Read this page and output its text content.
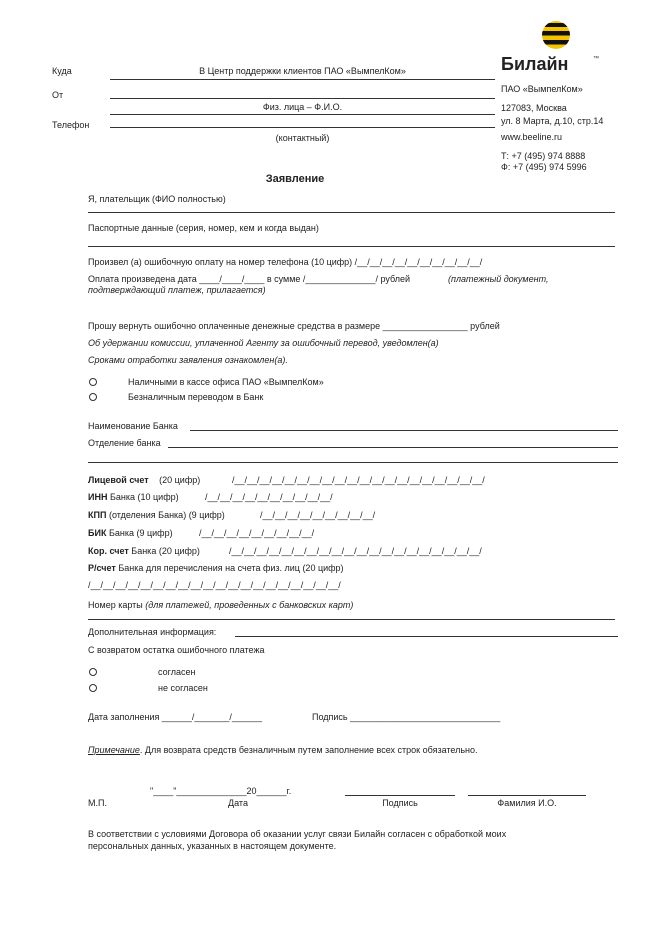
Куда	В Центр поддержки клиентов ПАО «ВымпелКом»
От
Физ. лица – Ф.И.О.
Телефон
(контактный)
Билайн	™
ПАО «ВымпелКом»
127083, Москва
ул. 8 Марта, д.10, стр.14
www.beeline.ru
Т: +7 (495) 974 8888
Ф: +7 (495) 974 5996
Заявление
Я, плательщик (ФИО полностью)
Паспортные данные (серия, номер, кем и когда выдан)
Произвел (а) ошибочную оплату на номер телефона (10 цифр) /__/__/__/__/__/__/__/__/__/__/
Оплата произведена дата ____/____/____ в сумме /______________/ рублей	(платежный документ,
подтверждающий платеж, прилагается)
Прошу вернуть ошибочно оплаченные денежные средства в размере _________________ рублей
Об удержании комиссии, уплаченной Агенту за ошибочный перевод, уведомлен(а)
Сроками отработки заявления ознакомлен(а).
Наличными в кассе офиса ПАО «ВымпелКом»
Безналичным переводом в Банк
Наименование Банка
Отделение банка
Лицевой счет (20 цифр)	/__/__/__/__/__/__/__/__/__/__/__/__/__/__/__/__/__/__/__/__/
ИНН Банка (10 цифр)	/__/__/__/__/__/__/__/__/__/__/
КПП (отделения Банка) (9 цифр)	/__/__/__/__/__/__/__/__/__/
БИК Банка (9 цифр)	/__/__/__/__/__/__/__/__/__/
Кор. счет Банка (20 цифр)	/__/__/__/__/__/__/__/__/__/__/__/__/__/__/__/__/__/__/__/__/
Р/счет Банка для перечисления на счета физ. лиц (20 цифр)
/__/__/__/__/__/__/__/__/__/__/__/__/__/__/__/__/__/__/__/__/
Номер карты (для платежей, проведенных с банковских карт)
Дополнительная информация:
С возвратом остатка ошибочного платежа
согласен
не согласен
Дата заполнения ______/_______/______	Подпись ______________________________
Примечание. Для возврата средств безналичным путем заполнение всех строк обязательно.
"____"______________20______г.
М.П.	Дата	Подпись	Фамилия И.О.
В соответствии с условиями Договора об оказании услуг связи Билайн согласен с обработкой моих
персональных данных, указанных в настоящем документе.
